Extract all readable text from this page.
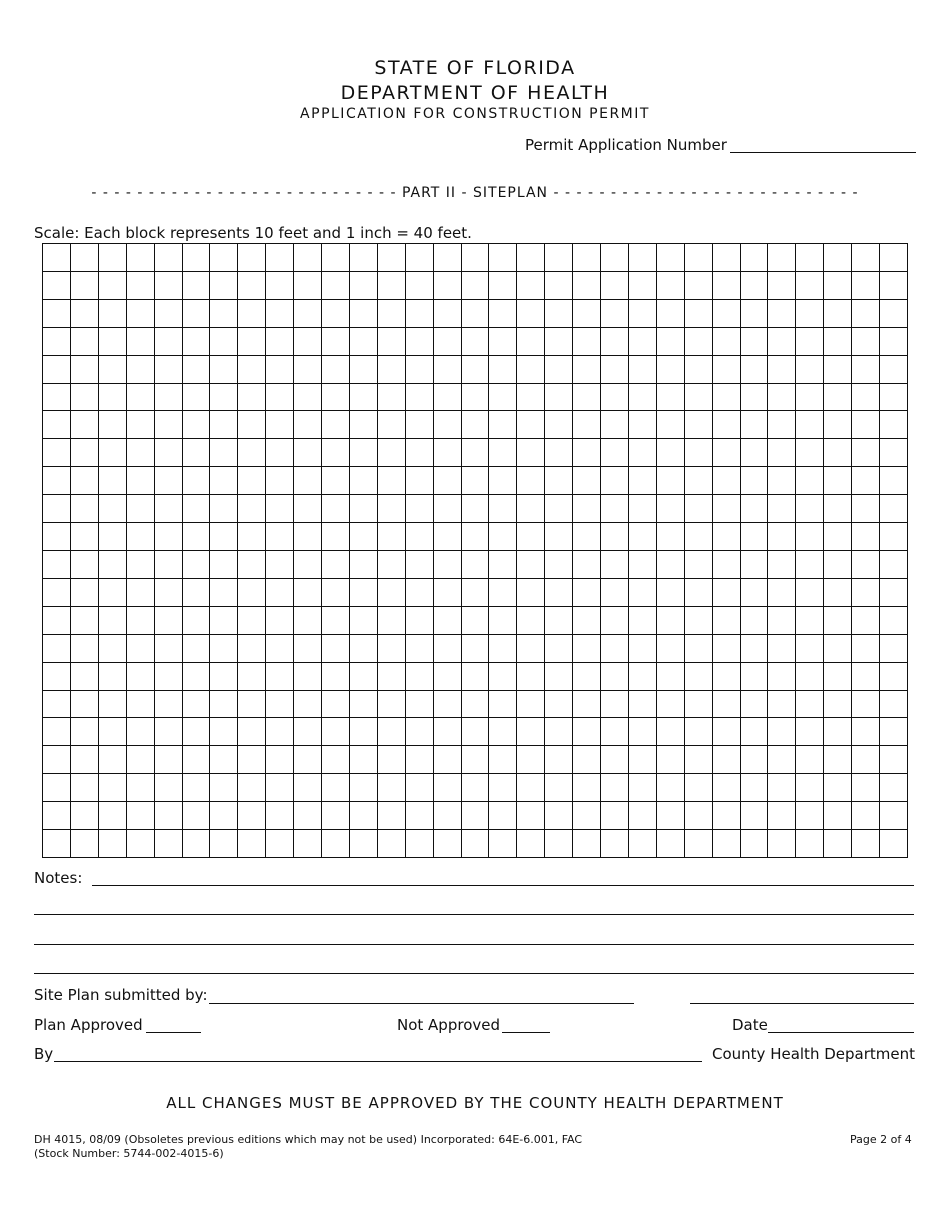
STATE OF FLORIDA
DEPARTMENT OF HEALTH
APPLICATION FOR CONSTRUCTION PERMIT
Permit Application Number
- - - - - - - - - - - - - - - - - - - - - - - - - - - PART II - SITEPLAN - - - - - - - - - - - - - - - - - - - - - - - - - - -
Scale: Each block represents 10 feet and 1 inch = 40 feet.
Notes:
Site Plan submitted by:
Plan Approved	Not Approved	Date
By	County Health Department
ALL CHANGES MUST BE APPROVED BY THE COUNTY HEALTH DEPARTMENT
DH 4015, 08/09 (Obsoletes previous editions which may not be used) Incorporated: 64E-6.001, FAC
(Stock Number: 5744-002-4015-6)
Page 2 of 4
